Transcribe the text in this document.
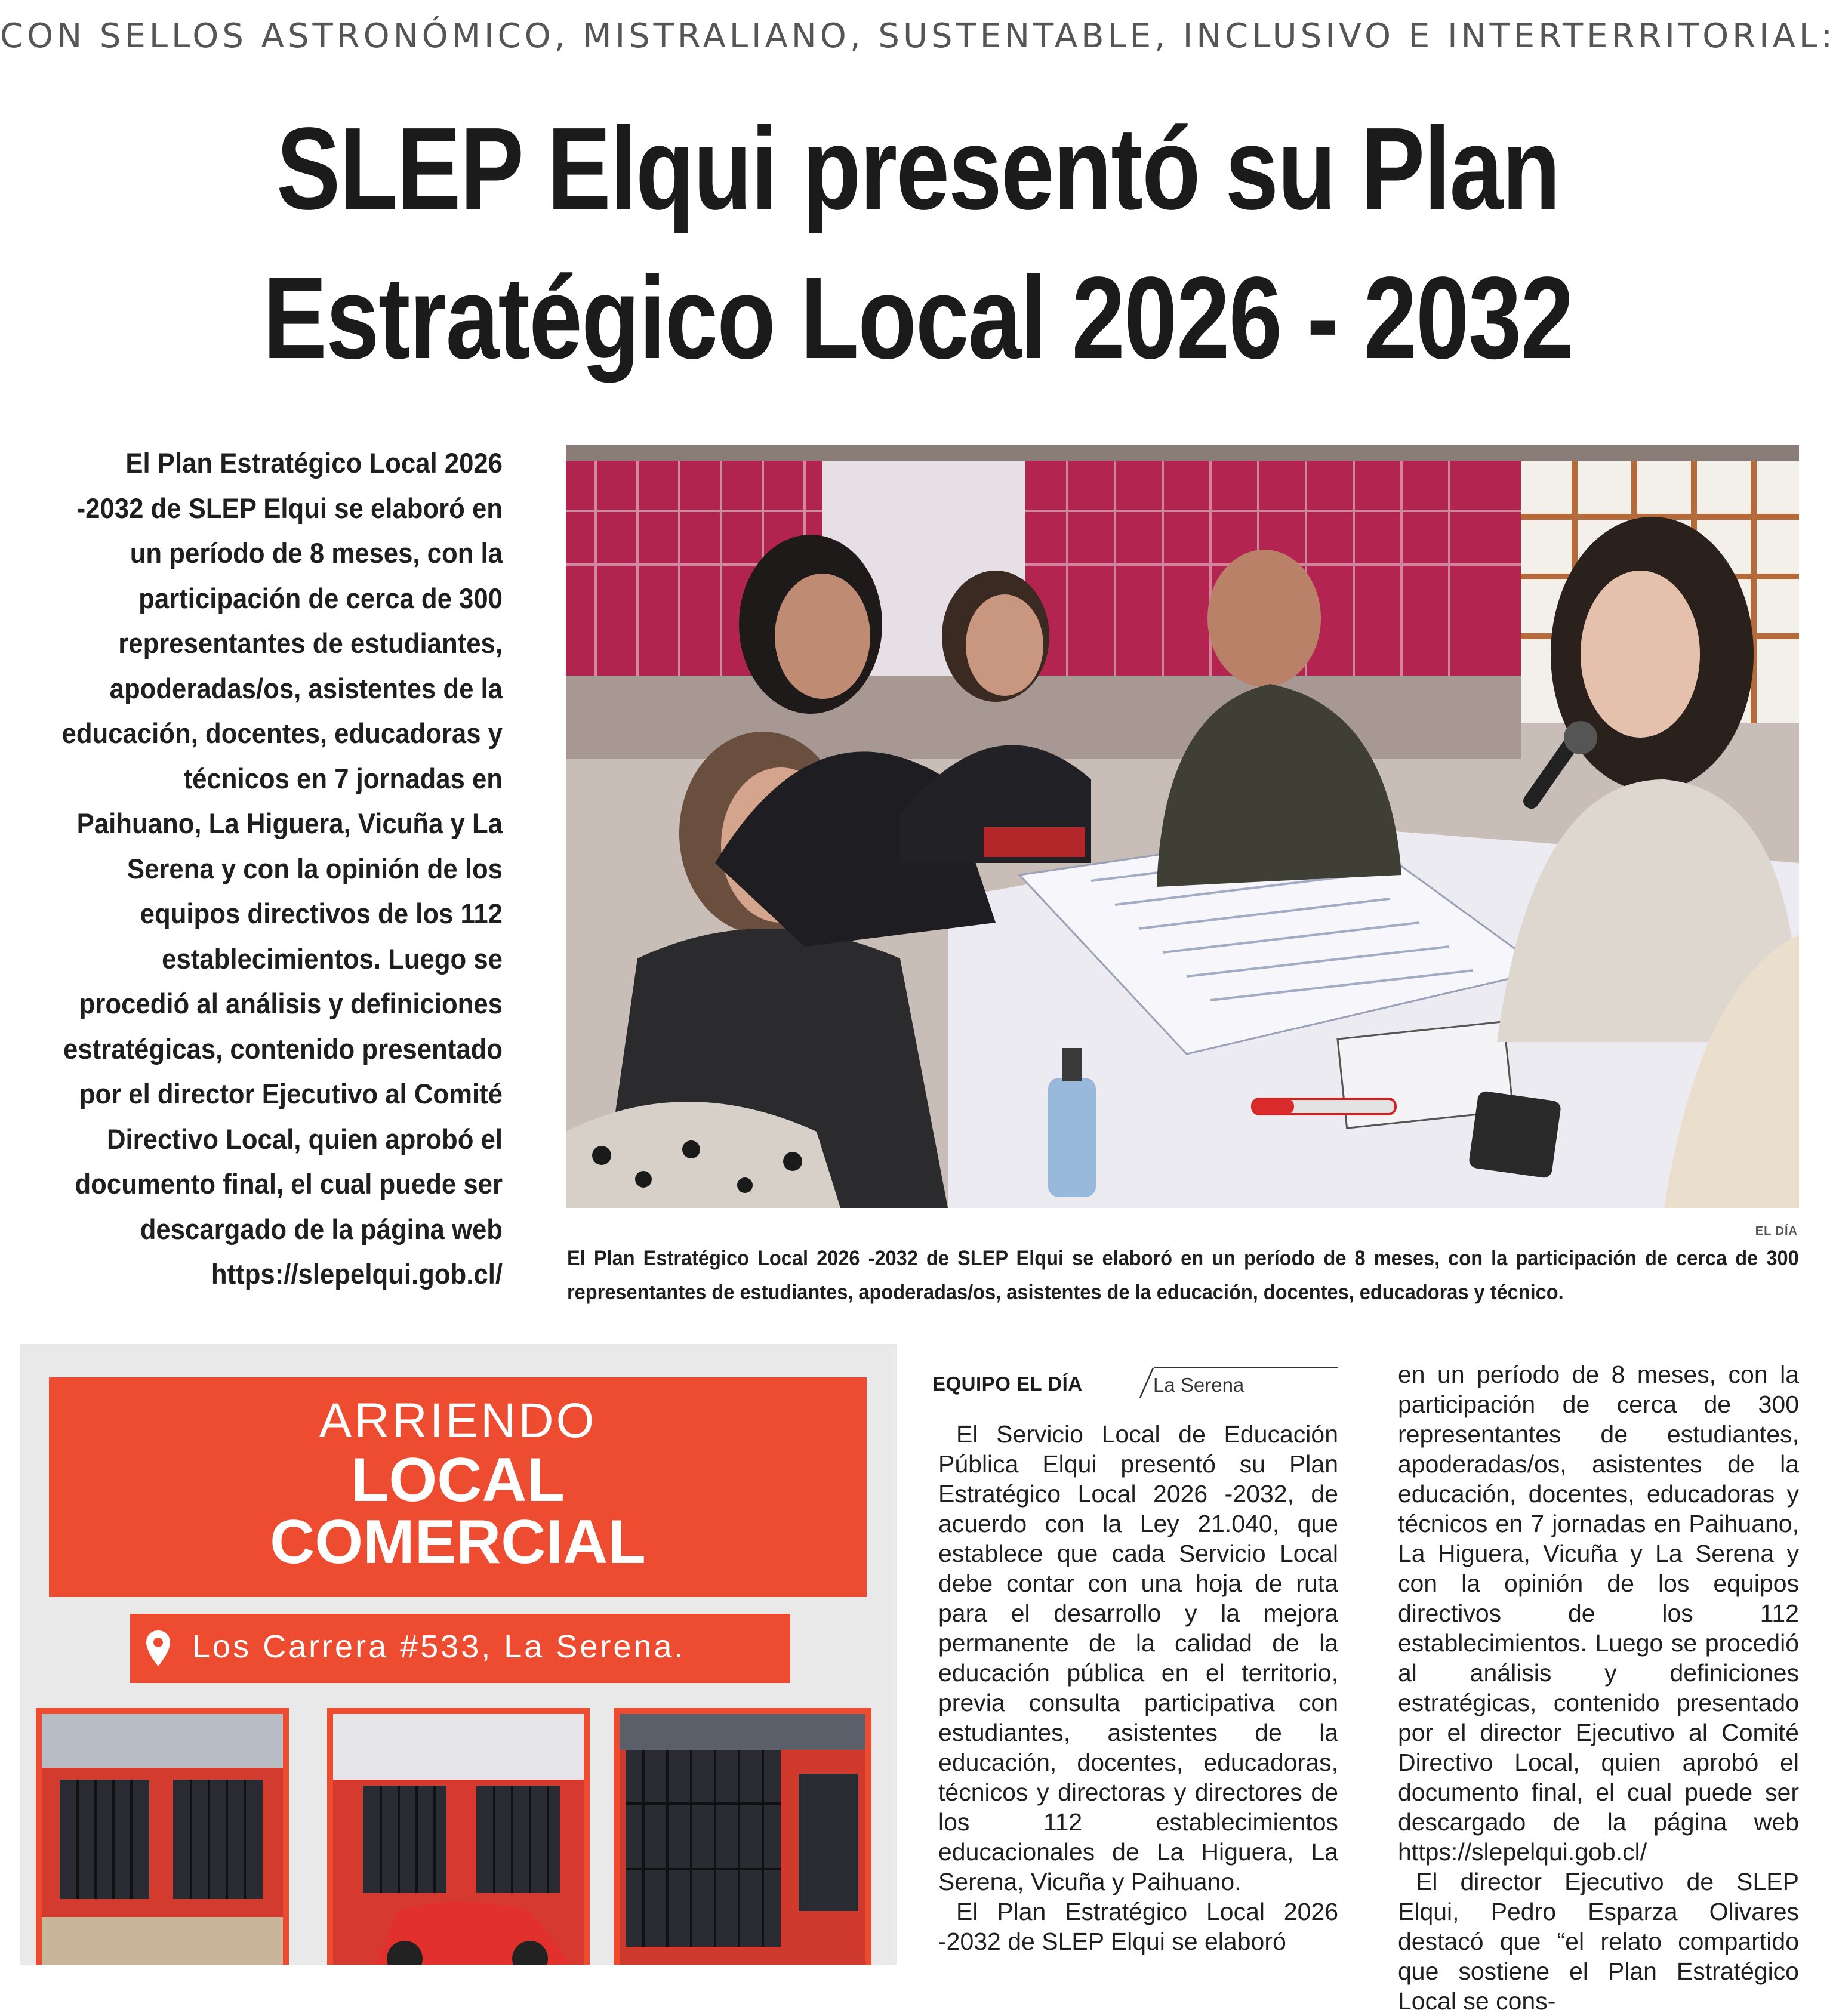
CON SELLOS ASTRONÓMICO, MISTRALIANO, SUSTENTABLE, INCLUSIVO E INTERTERRITORIAL:
SLEP Elqui presentó su Plan
Estratégico Local 2026 - 2032
El Plan Estratégico Local 2026 -2032 de SLEP Elqui se elaboró en un período de 8 meses, con la participación de cerca de 300 representantes de estudiantes, apoderadas/os, asistentes de la educación, docentes, educadoras y técnicos en 7 jornadas en Paihuano, La Higuera, Vicuña y La Serena y con la opinión de los equipos directivos de los 112 establecimientos. Luego se procedió al análisis y definiciones estratégicas, contenido presentado por el director Ejecutivo al Comité Directivo Local, quien aprobó el documento final, el cual puede ser descargado de la página web https://slepelqui.gob.cl/
EL DÍA
El Plan Estratégico Local 2026 -2032 de SLEP Elqui se elaboró en un período de 8 meses, con la participación de cerca de 300 representantes de estudiantes, apoderadas/os, asistentes de la educación, docentes, educadoras y técnico.
ARRIENDO
LOCAL
COMERCIAL
Los Carrera #533, La Serena.
EQUIPO EL DÍA	La Serena

El Servicio Local de Educación Pública Elqui presentó su Plan Estratégico Local 2026 -2032, de acuerdo con la Ley 21.040, que establece que cada Servicio Local debe contar con una hoja de ruta para el desarrollo y la mejora permanente de la calidad de la educación pública en el territorio, previa consulta participativa con estudiantes, asistentes de la educación, docentes, educadoras, técnicos y directoras y directores de los 112 establecimientos educacionales de La Higuera, La Serena, Vicuña y Paihuano.

El Plan Estratégico Local 2026 -2032 de SLEP Elqui se elaboró

en un período de 8 meses, con la participación de cerca de 300 representantes de estudiantes, apoderadas/os, asistentes de la educación, docentes, educadoras y técnicos en 7 jornadas en Paihuano, La Higuera, Vicuña y La Serena y con la opinión de los equipos directivos de los 112 establecimientos. Luego se procedió al análisis y definiciones estratégicas, contenido presentado por el director Ejecutivo al Comité Directivo Local, quien aprobó el documento final, el cual puede ser descargado de la página web https://slepelqui.gob.cl/

El director Ejecutivo de SLEP Elqui, Pedro Esparza Olivares destacó que “el relato compartido que sostiene el Plan Estratégico Local se cons-
